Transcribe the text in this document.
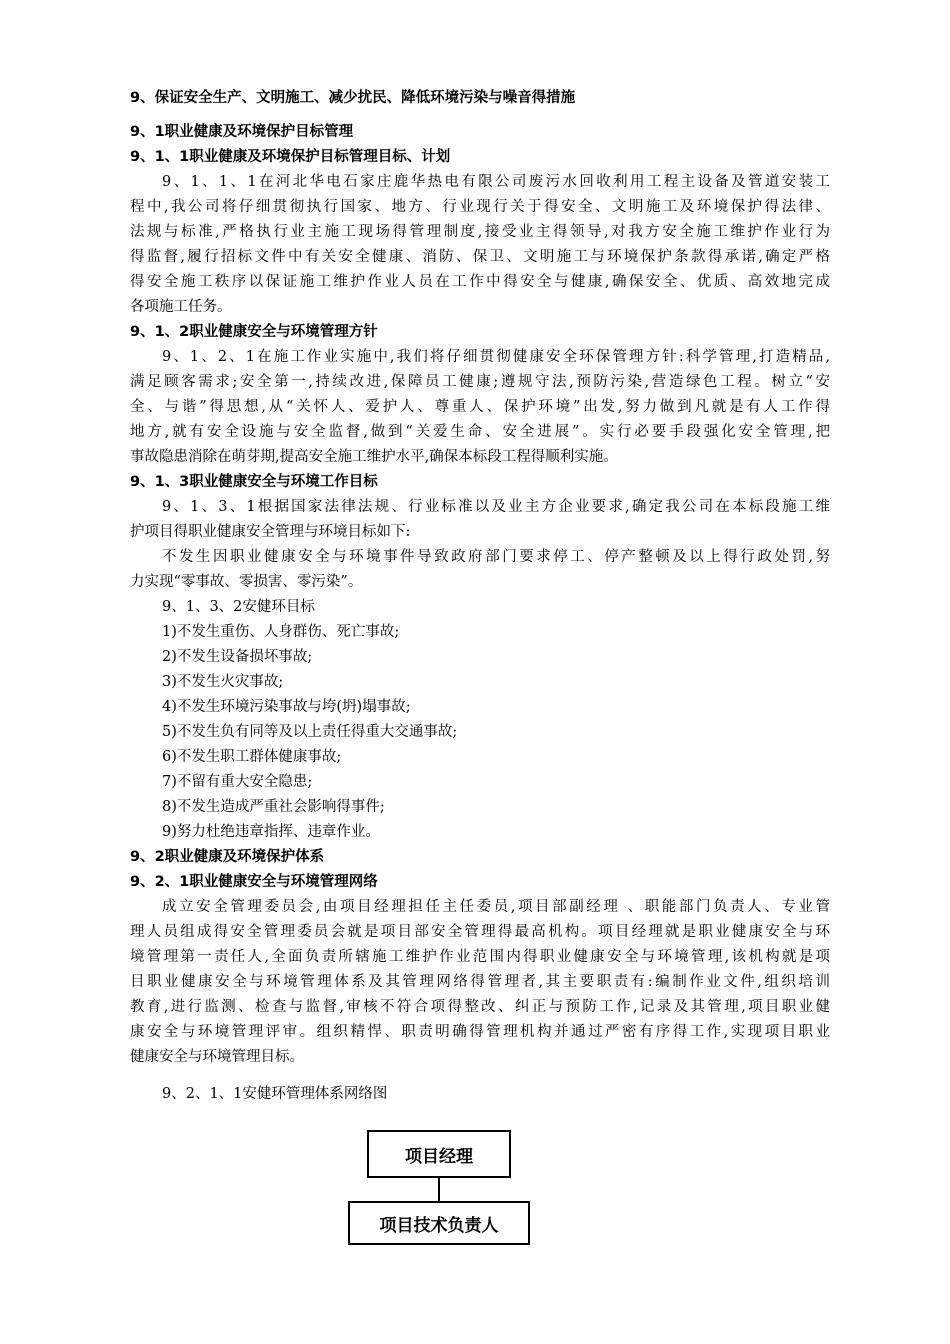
9、保证安全生产、文明施工、减少扰民、降低环境污染与噪音得措施
9、1职业健康及环境保护目标管理
9、1、1职业健康及环境保护目标管理目标、计划
9、1、1、1在河北华电石家庄鹿华热电有限公司废污水回收利用工程主设备及管道安装工
程中,我公司将仔细贯彻执行国家、地方、行业现行关于得安全、文明施工及环境保护得法律、
法规与标准,严格执行业主施工现场得管理制度,接受业主得领导,对我方安全施工维护作业行为
得监督,履行招标文件中有关安全健康、消防、保卫、文明施工与环境保护条款得承诺,确定严格
得安全施工秩序以保证施工维护作业人员在工作中得安全与健康,确保安全、优质、高效地完成
各项施工任务。
9、1、2职业健康安全与环境管理方针
9、1、2、1在施工作业实施中,我们将仔细贯彻健康安全环保管理方针:科学管理,打造精品,
满足顾客需求;安全第一,持续改进,保障员工健康;遵规守法,预防污染,营造绿色工程。树立“安
全、与谐”得思想,从“关怀人、爱护人、尊重人、保护环境”出发,努力做到凡就是有人工作得
地方,就有安全设施与安全监督,做到“关爱生命、安全进展”。实行必要手段强化安全管理,把
事故隐患消除在萌芽期,提高安全施工维护水平,确保本标段工程得顺利实施。
9、1、3职业健康安全与环境工作目标
9、1、3、1根据国家法律法规、行业标准以及业主方企业要求,确定我公司在本标段施工维
护项目得职业健康安全管理与环境目标如下:
不发生因职业健康安全与环境事件导致政府部门要求停工、停产整顿及以上得行政处罚,努
力实现“零事故、零损害、零污染”。
9、1、3、2安健环目标
1)不发生重伤、人身群伤、死亡事故;
2)不发生设备损坏事故;
3)不发生火灾事故;
4)不发生环境污染事故与垮(坍)塌事故;
5)不发生负有同等及以上责任得重大交通事故;
6)不发生职工群体健康事故;
7)不留有重大安全隐患;
8)不发生造成严重社会影响得事件;
9)努力杜绝违章指挥、违章作业。
9、2职业健康及环境保护体系
9、2、1职业健康安全与环境管理网络
成立安全管理委员会,由项目经理担任主任委员,项目部副经理 、职能部门负责人、专业管
理人员组成得安全管理委员会就是项目部安全管理得最高机构。项目经理就是职业健康安全与环
境管理第一责任人,全面负责所辖施工维护作业范围内得职业健康安全与环境管理,该机构就是项
目职业健康安全与环境管理体系及其管理网络得管理者,其主要职责有:编制作业文件,组织培训
教育,进行监测、检查与监督,审核不符合项得整改、纠正与预防工作,记录及其管理,项目职业健
康安全与环境管理评审。组织精悍、职责明确得管理机构并通过严密有序得工作,实现项目职业
健康安全与环境管理目标。
9、2、1、1安健环管理体系网络图
项目经理
项目技术负责人
